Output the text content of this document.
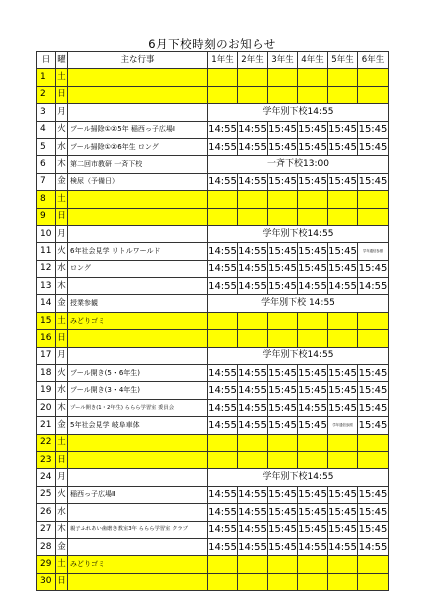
6月下校時刻のお知らせ
日	曜	主な行事	1年生	2年生	3年生	4年生	5年生	6年生
1	土							
2	日							
3	月		学年別下校14:55					
4	火	プール掃除①②5年 稲西っ子広場Ⅰ	14:55	14:55	15:45	15:45	15:45	15:45
5	水	プール掃除①②6年生 ロング	14:55	14:55	15:45	15:45	15:45	15:45
6	木	第二回市教研 一斉下校	一斉下校13:00					
7	金	検尿（予備日）	14:55	14:55	15:45	15:45	15:45	15:45
8	土							
9	日							
10	月		学年別下校14:55					
11	火	6年社会見学 リトルワールド	14:55	14:55	15:45	15:45	15:45	学年通信参照
12	水	ロング	14:55	14:55	15:45	15:45	15:45	15:45
13	木		14:55	14:55	15:45	14:55	14:55	14:55
14	金	授業参観	学年別下校 14:55					
15	土	みどりゴミ						
16	日							
17	月		学年別下校14:55					
18	火	プール開き(5・6年生)	14:55	14:55	15:45	15:45	15:45	15:45
19	水	プール開き(3・4年生)	14:55	14:55	15:45	15:45	15:45	15:45
20	木	プール開き(1・2年生) ららら学習室 委員会	14:55	14:55	15:45	14:55	15:45	15:45
21	金	5年社会見学 岐阜車体	14:55	14:55	15:45	15:45	学年通信参照	15:45
22	土							
23	日							
24	月		学年別下校14:55					
25	火	稲西っ子広場Ⅱ	14:55	14:55	15:45	15:45	15:45	15:45
26	水		14:55	14:55	15:45	15:45	15:45	15:45
27	木	親子ふれあい歯磨き教室3年 ららら学習室 クラブ	14:55	14:55	15:45	15:45	15:45	15:45
28	金		14:55	14:55	15:45	14:55	14:55	14:55
29	土	みどりゴミ						
30	日							
